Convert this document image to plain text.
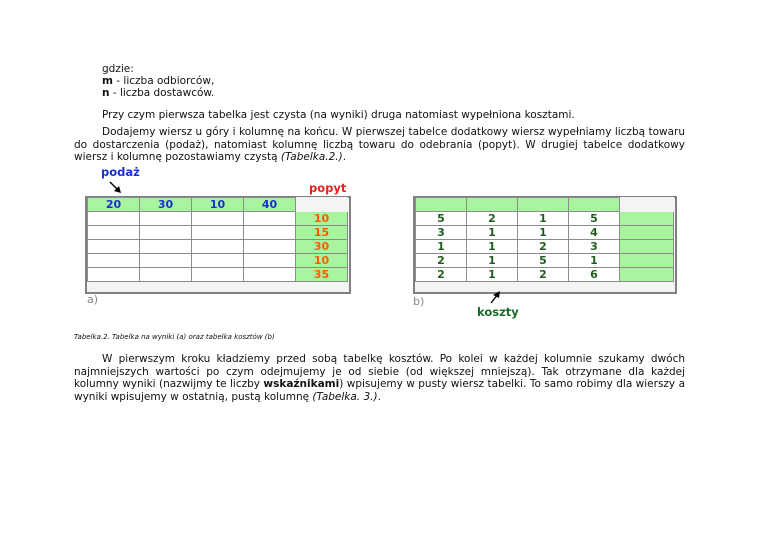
gdzie:
m - liczba odbiorców,
n - liczba dostawców.
Przy czym pierwsza tabelka jest czysta (na wyniki) druga natomiast wypełniona kosztami.
Dodajemy wiersz u góry i kolumnę na końcu. W pierwszej tabelce dodatkowy wiersz wypełniamy liczbą towaru do dostarczenia (podaż), natomiast kolumnę liczbą towaru do odebrania (popyt). W drugiej tabelce dodatkowy wiersz i kolumnę pozostawiamy czystą (Tabelka.2.).
podaż
popyt
20	30	10	40	
				10
				15
				30
				10
				35
a)

5	2	1	5	
3	1	1	4	
1	1	2	3	
2	1	5	1	
2	1	2	6	
b)
koszty
Tabelka.2. Tabelka na wyniki (a) oraz tabelka kosztów (b)
W pierwszym kroku kładziemy przed sobą tabelkę kosztów. Po kolei w każdej kolumnie szukamy dwóch najmniejszych wartości po czym odejmujemy je od siebie (od większej mniejszą). Tak otrzymane dla każdej kolumny wyniki (nazwijmy te liczby wskaźnikami) wpisujemy w pusty wiersz tabelki. To samo robimy dla wierszy a wyniki wpisujemy w ostatnią, pustą kolumnę (Tabelka. 3.).
